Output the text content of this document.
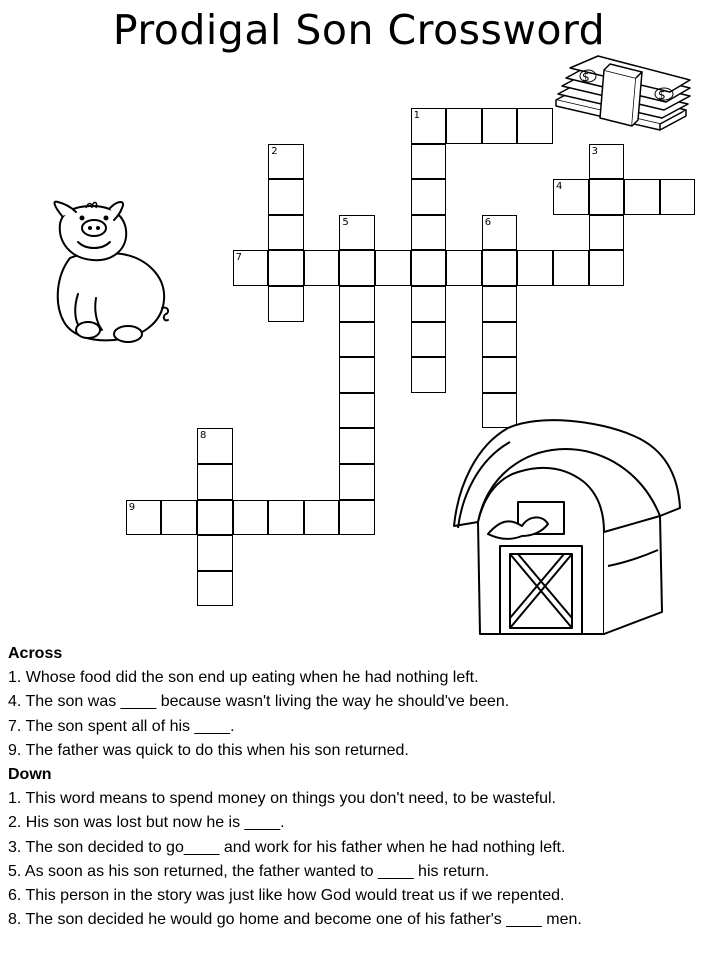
Prodigal Son Crossword
1
2	3
4
5	6
7
8
9
$
$
Across
1. Whose food did the son end up eating when he had nothing left.
4. The son was ____ because wasn't living the way he should've been.
7. The son spent all of his ____.
9. The father was quick to do this when his son returned.
Down
1. This word means to spend money on things you don't need, to be wasteful.
2. His son was lost but now he is ____.
3. The son decided to go____ and work for his father when he had nothing left.
5. As soon as his son returned, the father wanted to ____ his return.
6. This person in the story was just like how God would treat us if we repented.
8. The son decided he would go home and become one of his father's ____ men.
